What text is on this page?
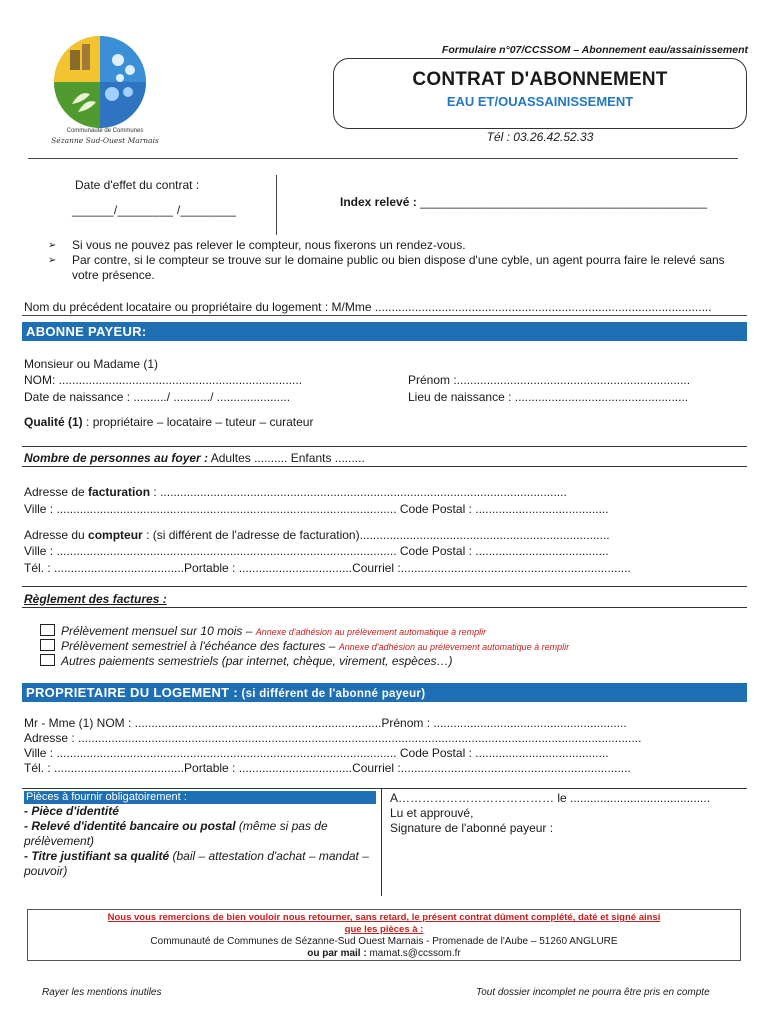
Communauté de Communes
Sézanne Sud-Ouest Marnais
Formulaire n°07/CCSSOM – Abonnement eau/assainissement
CONTRAT D'ABONNEMENT
EAU ET/OUASSAINISSEMENT
Tél : 03.26.42.52.33
Date d'effet du contrat :
______/________ /________
Index relevé : ___________________________________________
➢ Si vous ne pouvez pas relever le compteur, nous fixerons un rendez-vous.
➢ Par contre, si le compteur se trouve sur le domaine public ou bien dispose d'une cyble, un agent pourra faire le relevé sans votre présence.
Nom du précédent locataire ou propriétaire du logement : M/Mme .....................................................................................................
ABONNE PAYEUR:
Monsieur ou Madame (1)
NOM: .........................................................................	Prénom :......................................................................
Date de naissance : ........../ .........../ ......................	Lieu de naissance : ....................................................
Qualité (1) : propriétaire – locataire – tuteur – curateur
Nombre de personnes au foyer : Adultes .......... Enfants .........
Adresse de facturation : ..........................................................................................................................
Ville : ...................................................................................................... Code Postal : ........................................
Adresse du compteur : (si différent de l'adresse de facturation)...........................................................................
Ville : ...................................................................................................... Code Postal : ........................................
Tél. : .......................................Portable : ..................................Courriel :.....................................................................
Règlement des factures :
Prélèvement mensuel sur 10 mois – Annexe d'adhésion au prélèvement automatique à remplir
Prélèvement semestriel à l'échéance des factures – Annexe d'adhésion au prélèvement automatique à remplir
Autres paiements semestriels (par internet, chèque, virement, espèces…)
PROPRIETAIRE DU LOGEMENT : (si différent de l'abonné payeur)
Mr - Mme (1) NOM : ..........................................................................Prénom : ..........................................................
Adresse : .........................................................................................................................................................................
Ville : ...................................................................................................... Code Postal : ........................................
Tél. : .......................................Portable : ..................................Courriel :.....................................................................
Pièces à fournir obligatoirement :
- Pièce d'identité
- Relevé d'identité bancaire ou postal (même si pas de prélèvement)
- Titre justifiant sa qualité (bail – attestation d'achat – mandat –pouvoir)
A………………………………… le ..........................................
Lu et approuvé,
Signature de l'abonné payeur :
Nous vous remercions de bien vouloir nous retourner, sans retard, le présent contrat dûment complété, daté et signé ainsi
que les pièces à :
Communauté de Communes de Sézanne-Sud Ouest Marnais - Promenade de l'Aube – 51260 ANGLURE
ou par mail : mamat.s@ccssom.fr
Rayer les mentions inutiles	Tout dossier incomplet ne pourra être pris en compte
